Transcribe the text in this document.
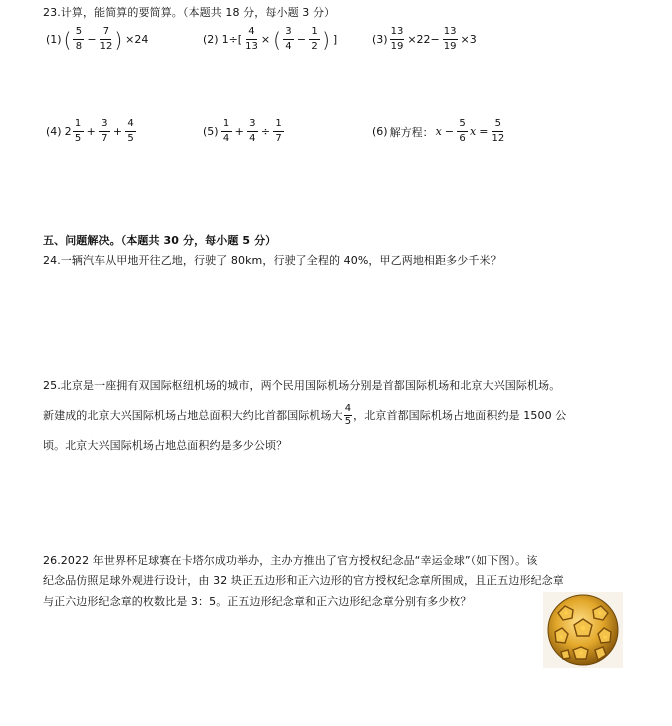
23.计算，能简算的要简算。（本题共 18 分，每小题 3 分）
(1) ( $\frac{5}{8} - \frac{7}{12}$ ) ×24	(2) $1\div[ \frac{4}{13}$ × ( $\frac{3}{4} - \frac{1}{2}$ ) ]	$(3) \frac{13}{19} \times 22- \frac{13}{19} \times 3$
(4) $2 \frac{1}{5} + \frac{3}{7} + \frac{4}{5}$	$(5) \frac{1}{4} + \frac{3}{4} \div \frac{1}{7}$	(6) 解方程： $x - \frac{5}{6}$ $x = \frac{5}{12}$
五、问题解决。（本题共 30 分，每小题 5 分）
24.一辆汽车从甲地开往乙地，行驶了 80km，行驶了全程的 40%，甲乙两地相距多少千米？
25.北京是一座拥有双国际枢纽机场的城市，两个民用国际机场分别是首都国际机场和北京大兴国际机场。
新建成的北京大兴国际机场占地总面积大约比首都国际机场大 4
5 ，北京首都国际机场占地面积约是 1500 公
顷。北京大兴国际机场占地总面积约是多少公顷？
26.2022 年世界杯足球赛在卡塔尔成功举办，主办方推出了官方授权纪念品“幸运金球”（如下图）。该
纪念品仿照足球外观进行设计，由 32 块正五边形和正六边形的官方授权纪念章所围成，且正五边形纪念章
与正六边形纪念章的枚数比是 3：5。正五边形纪念章和正六边形纪念章分别有多少枚？
